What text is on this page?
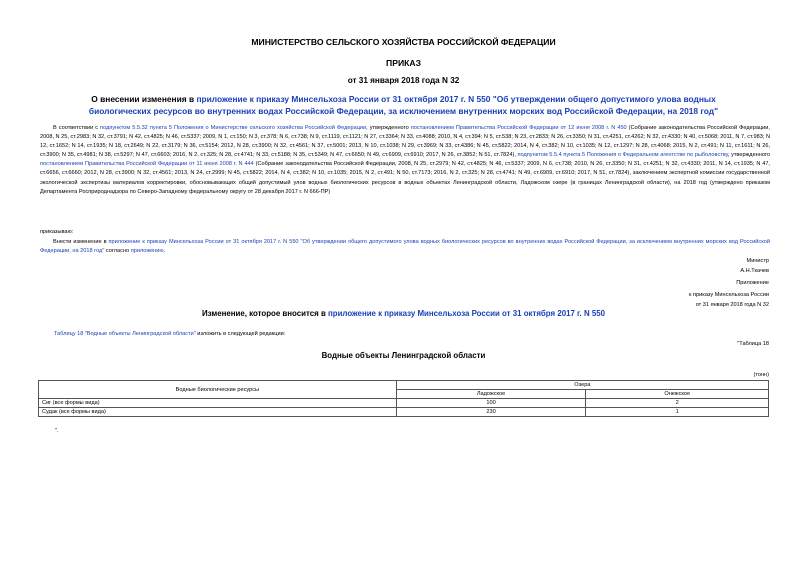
МИНИСТЕРСТВО СЕЛЬСКОГО ХОЗЯЙСТВА РОССИЙСКОЙ ФЕДЕРАЦИИ
ПРИКАЗ
от 31 января 2018 года N 32
О внесении изменения в приложение к приказу Минсельхоза России от 31 октября 2017 г. N 550 "Об утверждении общего допустимого улова водных биологических ресурсов во внутренних водах Российской Федерации, за исключением внутренних морских вод Российской Федерации, на 2018 год"
В соответствии с подпунктом 5.5.32 пункта 5 Положения о Министерстве сельского хозяйства Российской Федерации, утвержденного постановлением Правительства Российской Федерации от 12 июня 2008 г. N 450 (Собрание законодательства Российской Федерации, 2008, N 25, ст.2983; N 32, ст.3791; N 42, ст.4825; N 46, ст.5337; 2009, N 1, ст.150; N 3, ст.378; N 6, ст.738; N 9, ст.1119, ст.1121; N 27, ст.3364; N 33, ст.4088; 2010, N 4, ст.394; N 5, ст.538; N 23, ст.2833; N 26, ст.3350; N 31, ст.4251, ст.4262; N 32, ст.4330; N 40, ст.5068; 2011, N 7, ст.983; N 12, ст.1652; N 14, ст.1935; N 18, ст.2649; N 22, ст.3179; N 36, ст.5154; 2012, N 28, ст.3900; N 32, ст.4561; N 37, ст.5001; 2013, N 10, ст.1038; N 29, ст.3969; N 33, ст.4386; N 45, ст.5822; 2014, N 4, ст.382; N 10, ст.1035; N 12, ст.1297; N 28, ст.4068; 2015, N 2, ст.491; N 11, ст.1611; N 26, ст.3900; N 35, ст.4981; N 38, ст.5297; N 47, ст.6603; 2016, N 2, ст.325; N 28, ст.4741; N 33, ст.5188; N 35, ст.5349; N 47, ст.6650; N 49, ст.6909, ст.6910; 2017, N 26, ст.3852; N 51, ст.7824), подпунктом 5.5.4 пункта 5 Положения о Федеральном агентстве по рыболовству, утвержденного постановлением Правительства Российской Федерации от 11 июня 2008 г. N 444 (Собрание законодательства Российской Федерации, 2008, N 25, ст.2979; N 42, ст.4825; N 46, ст.5337; 2009, N 6, ст.738; 2010, N 26, ст.3350; N 31, ст.4251; N 32, ст.4330; 2011, N 14, ст.1935; N 47, ст.6656, ст.6660; 2012, N 28, ст.3900; N 32, ст.4561; 2013, N 24, ст.2999; N 45, ст.5822; 2014, N 4, ст.382; N 10, ст.1035; 2015, N 2, ст.491; N 50, ст.7173; 2016, N 2, ст.325; N 28, ст.4741; N 49, ст.6909, ст.6910; 2017, N 51, ст.7824), заключением экспертной комиссии государственной экологической экспертизы материалов корректировки, обосновывающих общий допустимый улов водных биологических ресурсов в водных объектах Ленинградской области, Ладожском озере (в границах Ленинградской области), на 2018 год (утверждено приказом Департамента Росприроднадзора по Северо-Западному федеральному округу от 28 декабря 2017 г. N 666-ПР)
приказываю:
Внести изменение в приложение к приказу Минсельхоза России от 31 октября 2017 г. N 550 "Об утверждении общего допустимого улова водных биологических ресурсов во внутренних водах Российской Федерации, за исключением внутренних морских вод Российской Федерации, на 2018 год" согласно приложению.
Министр
А.Н.Ткачев
Приложение
к приказу Минсельхоза России
от 31 января 2018 года N 32
Изменение, которое вносится в приложение к приказу Минсельхоза России от 31 октября 2017 г. N 550
Таблицу 18 "Водные объекты Ленинградской области" изложить в следующей редакции:
"Таблица 18
Водные объекты Ленинградской области
(тонн)
Водные биологические ресурсы	Озера	
	Ладожское	Онежское
Сиг (все формы вида)	100	2
Судак (все формы вида)	230	1
".
